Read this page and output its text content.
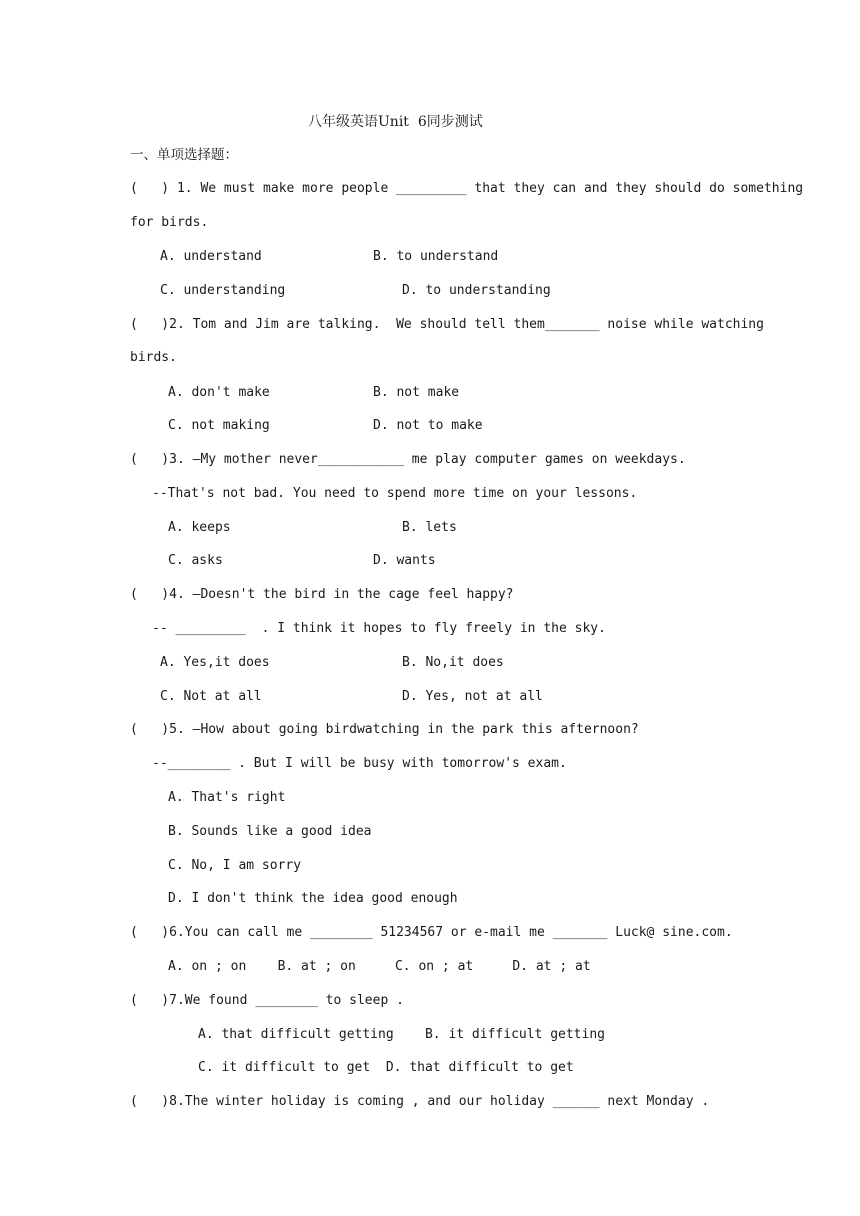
八年级英语Unit  6同步测试
一、单项选择题：
(   ) 1. We must make more people _________ that they can and they should do something
for birds.
A. understand	B. to understand
C. understanding	D. to understanding
(   )2. Tom and Jim are talking.  We should tell them_______ noise while watching
birds.
A. don't make	B. not make
C. not making	D. not to make
(   )3. —My mother never___________ me play computer games on weekdays.
--That's not bad. You need to spend more time on your lessons.
A. keeps	B. lets
C. asks	D. wants
(   )4. —Doesn't the bird in the cage feel happy?
-- _________  . I think it hopes to fly freely in the sky.
A. Yes,it does	B. No,it does
C. Not at all	D. Yes, not at all
(   )5. —How about going birdwatching in the park this afternoon?
--________ . But I will be busy with tomorrow's exam.
A. That's right
B. Sounds like a good idea
C. No, I am sorry
D. I don't think the idea good enough
(   )6.You can call me ________ 51234567 or e-mail me _______ Luck@ sine.com.
A. on ; on    B. at ; on     C. on ; at     D. at ; at
(   )7.We found ________ to sleep .
A. that difficult getting    B. it difficult getting
C. it difficult to get  D. that difficult to get
(   )8.The winter holiday is coming , and our holiday ______ next Monday .
